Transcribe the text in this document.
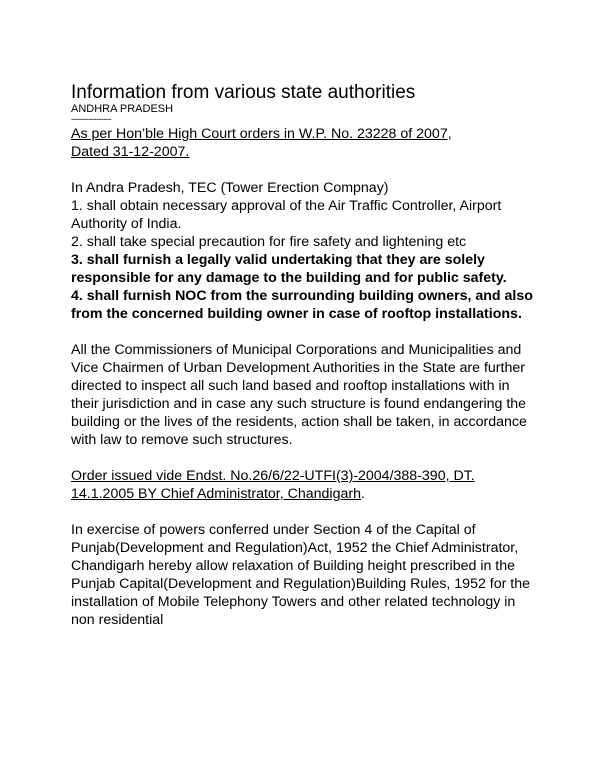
Information from various state authorities
ANDHRA PRADESH
----------------
As per Hon’ble High Court orders in W.P. No. 23228 of 2007,
Dated 31-12-2007.
In Andra Pradesh, TEC (Tower Erection Compnay)
1. shall obtain necessary approval of the Air Traffic Controller, Airport Authority of India.
2. shall take special precaution for fire safety and lightening etc
3. shall furnish a legally valid undertaking that they are solely responsible for any damage to the building and for public safety.
4. shall furnish NOC from the surrounding building owners, and also from the concerned building owner in case of rooftop installations.
All the Commissioners of Municipal Corporations and Municipalities and Vice Chairmen of Urban Development Authorities in the State are further directed to inspect all such land based and rooftop installations with in their jurisdiction and in case any such structure is found endangering the building or the lives of the residents, action shall be taken, in accordance with law to remove such structures.
Order issued vide Endst. No.26/6/22-UTFI(3)-2004/388-390, DT.
14.1.2005 BY Chief Administrator, Chandigarh.
In exercise of powers conferred under Section 4 of the Capital of Punjab(Development and Regulation)Act, 1952 the Chief Administrator, Chandigarh hereby allow relaxation of Building height prescribed in the Punjab Capital(Development and Regulation)Building Rules, 1952 for the installation of Mobile Telephony Towers and other related technology in non residential
